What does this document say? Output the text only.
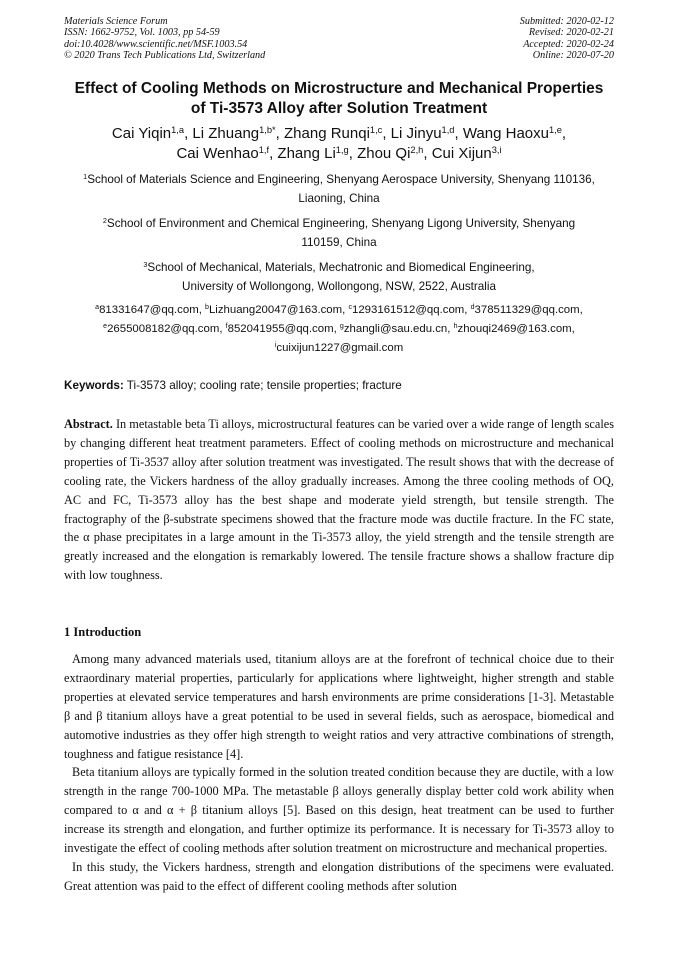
Materials Science Forum
ISSN: 1662-9752, Vol. 1003, pp 54-59
doi:10.4028/www.scientific.net/MSF.1003.54
© 2020 Trans Tech Publications Ltd, Switzerland
Submitted: 2020-02-12
Revised: 2020-02-21
Accepted: 2020-02-24
Online: 2020-07-20
Effect of Cooling Methods on Microstructure and Mechanical Properties
of Ti-3573 Alloy after Solution Treatment
Cai Yiqin$^{1,a}$, Li Zhuang$^{1,b*}$, Zhang Runqi$^{1,c}$, Li Jinyu$^{1,d}$, Wang Haoxu$^{1,e}$,
Cai Wenhao$^{1,f}$, Zhang Li$^{1,g}$, Zhou Qi$^{2,h}$, Cui Xijun$^{3,i}$
$^1$School of Materials Science and Engineering, Shenyang Aerospace University, Shenyang 110136,
Liaoning, China
$^2$School of Environment and Chemical Engineering, Shenyang Ligong University, Shenyang
110159, China
$^3$School of Mechanical, Materials, Mechatronic and Biomedical Engineering,
University of Wollongong, Wollongong, NSW, 2522, Australia
$^a$81331647@qq.com, $^b$Lizhuang20047@163.com, $^c$1293161512@qq.com, $^d$378511329@qq.com,
$^e$2655008182@qq.com, $^f$852041955@qq.com, $^g$zhangli@sau.edu.cn, $^h$zhouqi2469@163.com,
$^i$cuixijun1227@gmail.com
Keywords: Ti-3573 alloy; cooling rate; tensile properties; fracture
Abstract. In metastable beta Ti alloys, microstructural features can be varied over a wide range of length scales by changing different heat treatment parameters. Effect of cooling methods on microstructure and mechanical properties of Ti-3537 alloy after solution treatment was investigated. The result shows that with the decrease of cooling rate, the Vickers hardness of the alloy gradually increases. Among the three cooling methods of OQ, AC and FC, Ti-3573 alloy has the best shape and moderate yield strength, but tensile strength. The fractography of the β-substrate specimens showed that the fracture mode was ductile fracture. In the FC state, the α phase precipitates in a large amount in the Ti-3573 alloy, the yield strength and the tensile strength are greatly increased and the elongation is remarkably lowered. The tensile fracture shows a shallow fracture dip with low toughness.
1 Introduction

Among many advanced materials used, titanium alloys are at the forefront of technical choice due to their extraordinary material properties, particularly for applications where lightweight, higher strength and stable properties at elevated service temperatures and harsh environments are prime considerations [1-3]. Metastable β and β titanium alloys have a great potential to be used in several fields, such as aerospace, biomedical and automotive industries as they offer high strength to weight ratios and very attractive combinations of strength, toughness and fatigue resistance [4].

Beta titanium alloys are typically formed in the solution treated condition because they are ductile, with a low strength in the range 700-1000 MPa. The metastable β alloys generally display better cold work ability when compared to α and α + β titanium alloys [5]. Based on this design, heat treatment can be used to further increase its strength and elongation, and further optimize its performance. It is necessary for Ti-3573 alloy to investigate the effect of cooling methods after solution treatment on microstructure and mechanical properties.

In this study, the Vickers hardness, strength and elongation distributions of the specimens were evaluated. Great attention was paid to the effect of different cooling methods after solution
